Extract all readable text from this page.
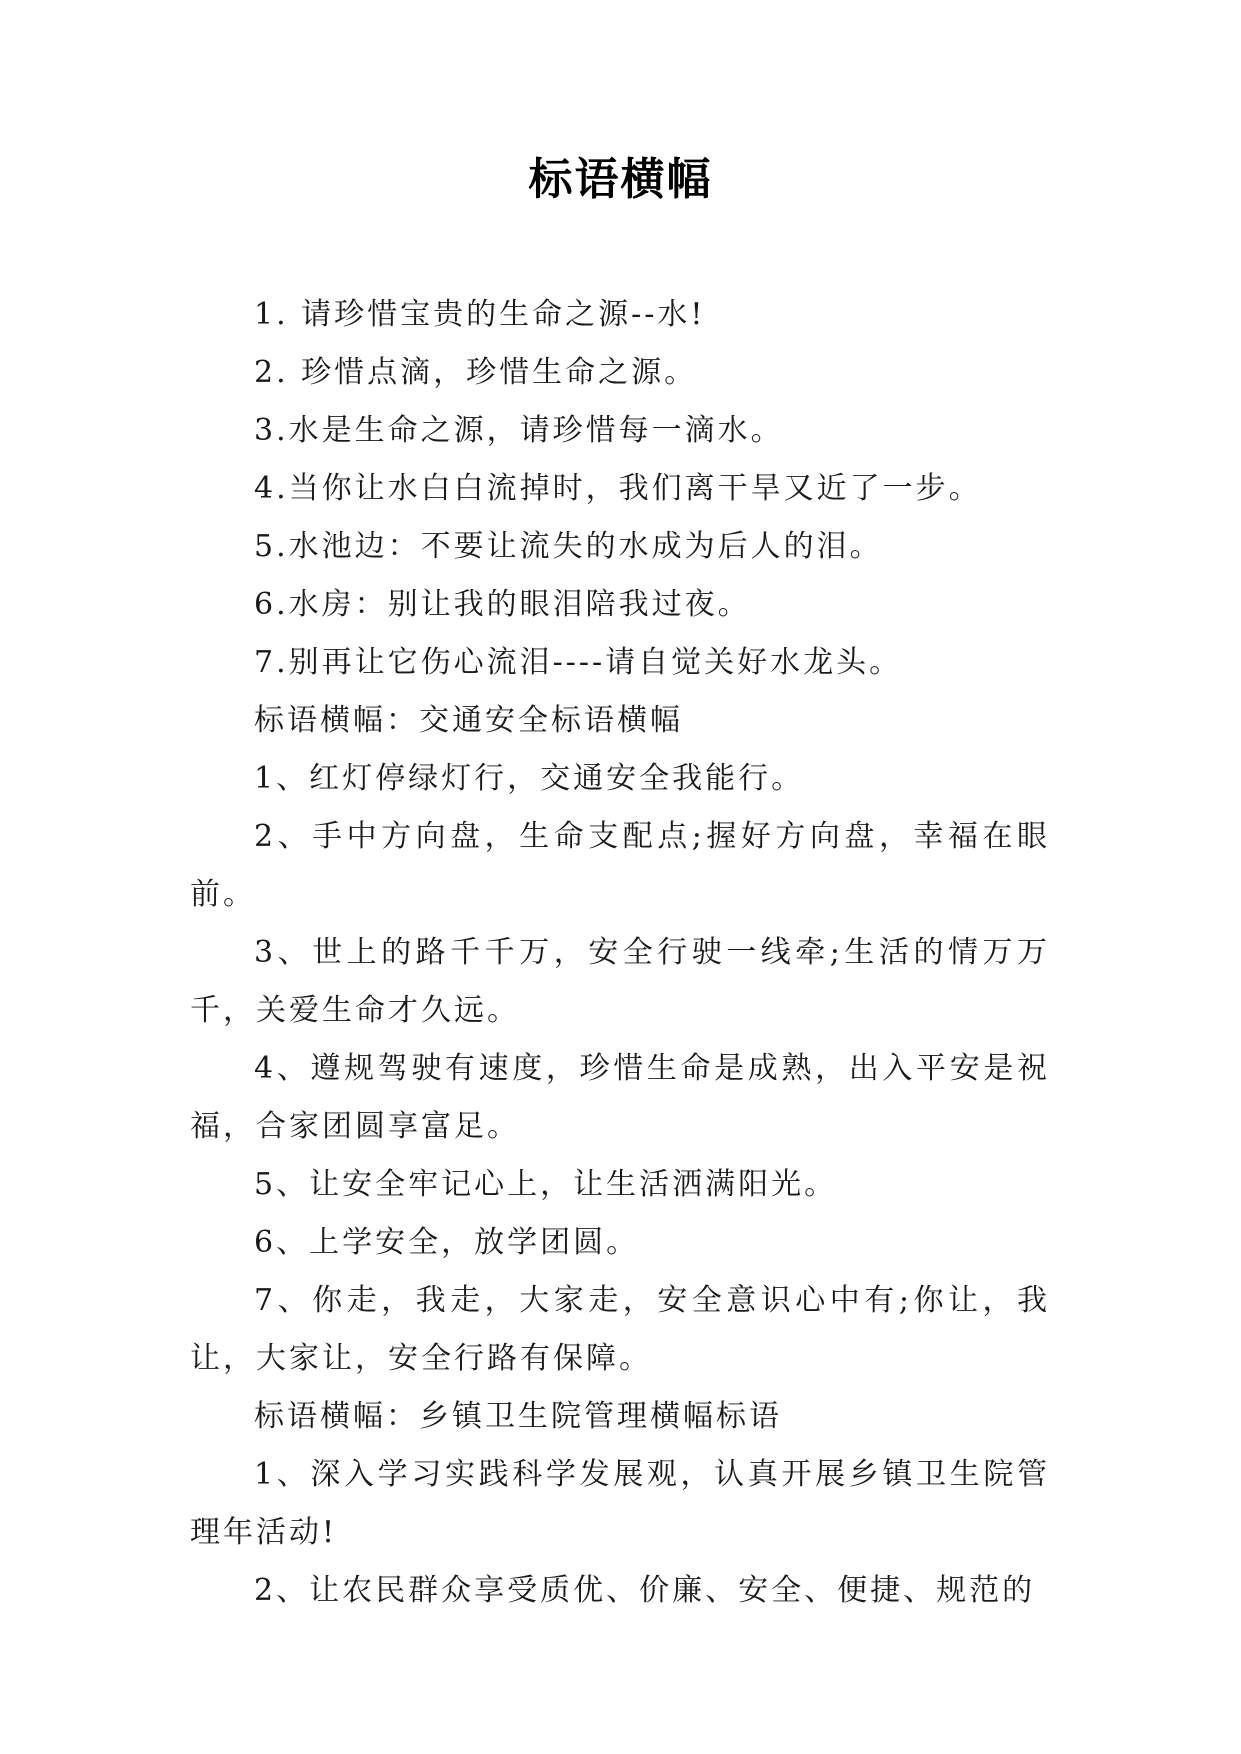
标语横幅

1. 请珍惜宝贵的生命之源--水!

2. 珍惜点滴，珍惜生命之源。

3.水是生命之源，请珍惜每一滴水。

4.当你让水白白流掉时，我们离干旱又近了一步。

5.水池边：不要让流失的水成为后人的泪。

6.水房：别让我的眼泪陪我过夜。

7.别再让它伤心流泪----请自觉关好水龙头。

标语横幅：交通安全标语横幅

1、红灯停绿灯行，交通安全我能行。

2、手中方向盘，生命支配点;握好方向盘，幸福在眼前。

3、世上的路千千万，安全行驶一线牵;生活的情万万千，关爱生命才久远。

4、遵规驾驶有速度，珍惜生命是成熟，出入平安是祝福，合家团圆享富足。

5、让安全牢记心上，让生活洒满阳光。

6、上学安全，放学团圆。

7、你走，我走，大家走，安全意识心中有;你让，我让，大家让，安全行路有保障。

标语横幅：乡镇卫生院管理横幅标语

1、深入学习实践科学发展观，认真开展乡镇卫生院管理年活动!

2、让农民群众享受质优、价廉、安全、便捷、规范的
